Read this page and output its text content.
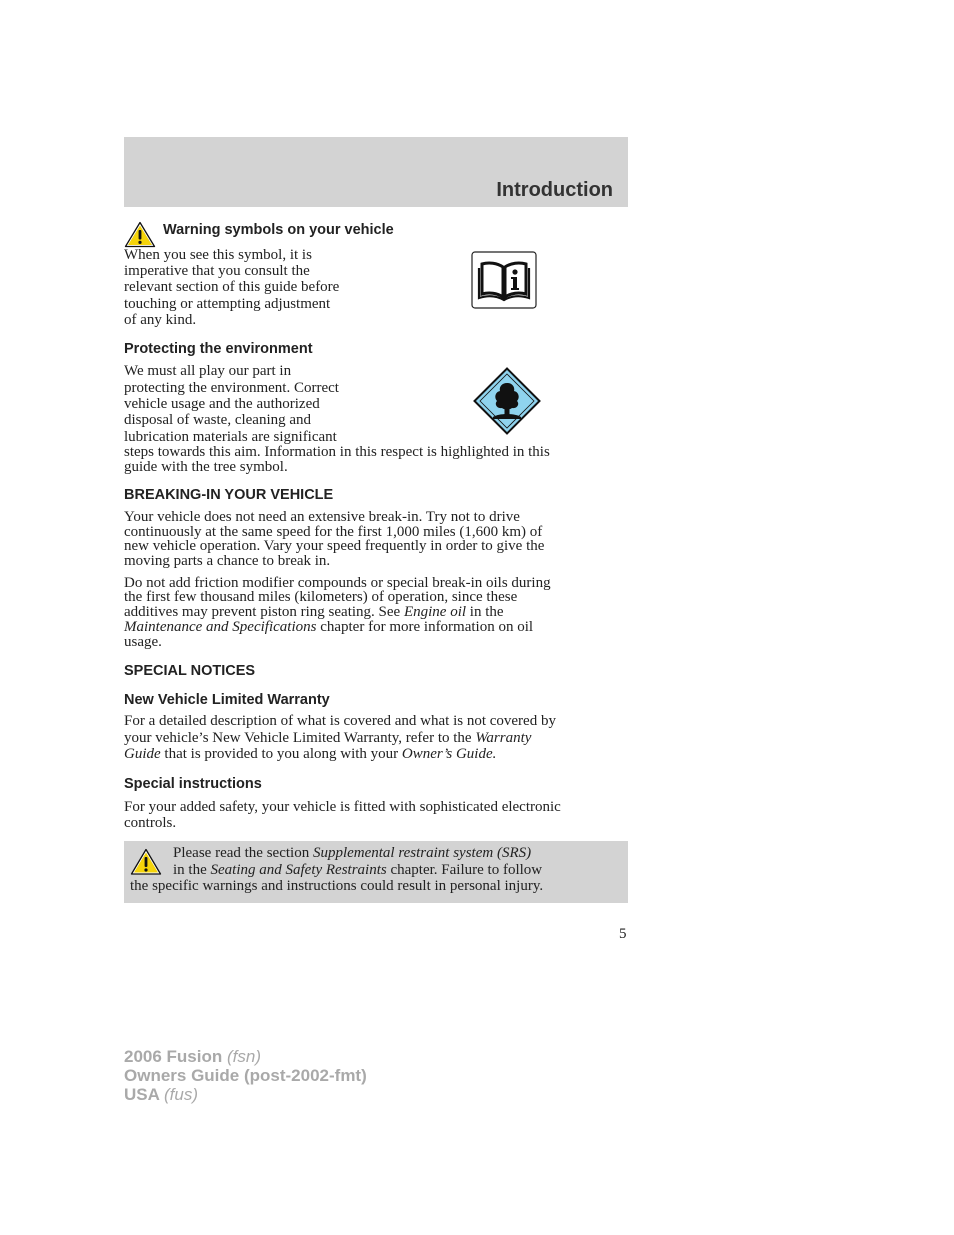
Introduction
Warning symbols on your vehicle

When you see this symbol, it is

imperative that you consult the

relevant section of this guide before

touching or attempting adjustment

of any kind.

Protecting the environment

We must all play our part in

protecting the environment. Correct

vehicle usage and the authorized

disposal of waste, cleaning and

lubrication materials are significant

steps towards this aim. Information in this respect is highlighted in this

guide with the tree symbol.

BREAKING-IN YOUR VEHICLE

Your vehicle does not need an extensive break-in. Try not to drive

continuously at the same speed for the first 1,000 miles (1,600 km) of

new vehicle operation. Vary your speed frequently in order to give the

moving parts a chance to break in.

Do not add friction modifier compounds or special break-in oils during

the first few thousand miles (kilometers) of operation, since these

additives may prevent piston ring seating. See Engine oil in the

Maintenance and Specifications chapter for more information on oil

usage.

SPECIAL NOTICES
New Vehicle Limited Warranty

For a detailed description of what is covered and what is not covered by

your vehicle’s New Vehicle Limited Warranty, refer to the Warranty

Guide that is provided to you along with your Owner’s Guide.

Special instructions

For your added safety, your vehicle is fitted with sophisticated electronic

controls.

Please read the section Supplemental restraint system (SRS)

in the Seating and Safety Restraints chapter. Failure to follow

the specific warnings and instructions could result in personal injury.

5
2006 Fusion (fsn)
Owners Guide (post-2002-fmt)
USA (fus)
